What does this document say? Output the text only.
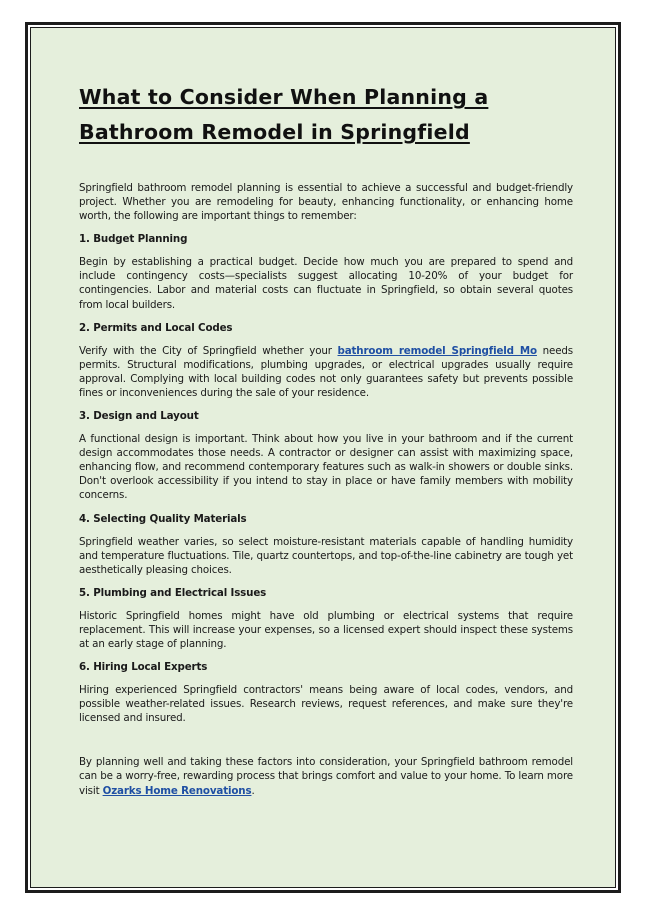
What to Consider When Planning a
Bathroom Remodel in Springfield

Springfield bathroom remodel planning is essential to achieve a successful and budget-friendly project. Whether you are remodeling for beauty, enhancing functionality, or enhancing home worth, the following are important things to remember:

1. Budget Planning

Begin by establishing a practical budget. Decide how much you are prepared to spend and include contingency costs—specialists suggest allocating 10-20% of your budget for contingencies. Labor and material costs can fluctuate in Springfield, so obtain several quotes from local builders.

2. Permits and Local Codes

Verify with the City of Springfield whether your bathroom remodel Springfield Mo needs permits. Structural modifications, plumbing upgrades, or electrical upgrades usually require approval. Complying with local building codes not only guarantees safety but prevents possible fines or inconveniences during the sale of your residence.

3. Design and Layout

A functional design is important. Think about how you live in your bathroom and if the current design accommodates those needs. A contractor or designer can assist with maximizing space, enhancing flow, and recommend contemporary features such as walk-in showers or double sinks. Don't overlook accessibility if you intend to stay in place or have family members with mobility concerns.

4. Selecting Quality Materials

Springfield weather varies, so select moisture-resistant materials capable of handling humidity and temperature fluctuations. Tile, quartz countertops, and top-of-the-line cabinetry are tough yet aesthetically pleasing choices.

5. Plumbing and Electrical Issues

Historic Springfield homes might have old plumbing or electrical systems that require replacement. This will increase your expenses, so a licensed expert should inspect these systems at an early stage of planning.

6. Hiring Local Experts

Hiring experienced Springfield contractors' means being aware of local codes, vendors, and possible weather-related issues. Research reviews, request references, and make sure they're licensed and insured.

By planning well and taking these factors into consideration, your Springfield bathroom remodel can be a worry-free, rewarding process that brings comfort and value to your home. To learn more visit Ozarks Home Renovations.
